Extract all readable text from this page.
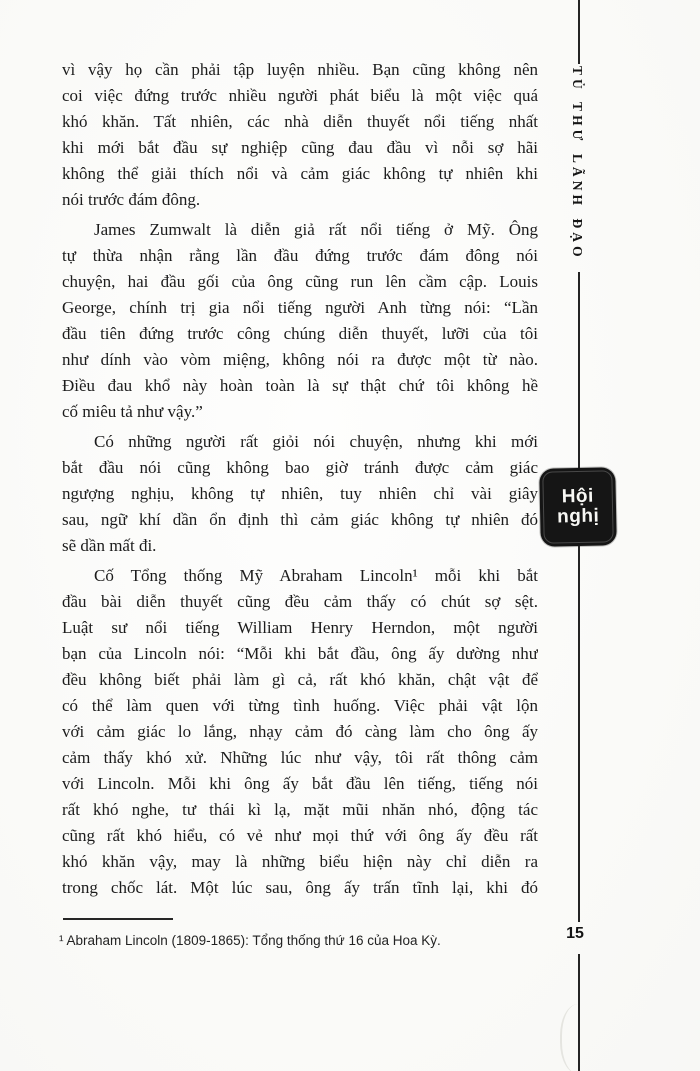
vì vậy họ cần phải tập luyện nhiều. Bạn cũng không nên
coi việc đứng trước nhiều người phát biểu là một việc quá
khó khăn. Tất nhiên, các nhà diễn thuyết nổi tiếng nhất
khi mới bắt đầu sự nghiệp cũng đau đầu vì nỗi sợ hãi
không thể giải thích nổi và cảm giác không tự nhiên khi
nói trước đám đông.
James Zumwalt là diễn giả rất nổi tiếng ở Mỹ. Ông
tự thừa nhận rằng lần đầu đứng trước đám đông nói
chuyện, hai đầu gối của ông cũng run lên cầm cập. Louis
George, chính trị gia nổi tiếng người Anh từng nói: “Lần
đầu tiên đứng trước công chúng diễn thuyết, lưỡi của tôi
như dính vào vòm miệng, không nói ra được một từ nào.
Điều đau khổ này hoàn toàn là sự thật chứ tôi không hề
cố miêu tả như vậy.”
Có những người rất giỏi nói chuyện, nhưng khi mới
bắt đầu nói cũng không bao giờ tránh được cảm giác
ngượng nghịu, không tự nhiên, tuy nhiên chỉ vài giây
sau, ngữ khí dần ổn định thì cảm giác không tự nhiên đó
sẽ dần mất đi.
Cố Tổng thống Mỹ Abraham Lincoln¹ mỗi khi bắt
đầu bài diễn thuyết cũng đều cảm thấy có chút sợ sệt.
Luật sư nổi tiếng William Henry Herndon, một người
bạn của Lincoln nói: “Mỗi khi bắt đầu, ông ấy dường như
đều không biết phải làm gì cả, rất khó khăn, chật vật để
có thể làm quen với từng tình huống. Việc phải vật lộn
với cảm giác lo lắng, nhạy cảm đó càng làm cho ông ấy
cảm thấy khó xử. Những lúc như vậy, tôi rất thông cảm
với Lincoln. Mỗi khi ông ấy bắt đầu lên tiếng, tiếng nói
rất khó nghe, tư thái kì lạ, mặt mũi nhăn nhó, động tác
cũng rất khó hiểu, có vẻ như mọi thứ với ông ấy đều rất
khó khăn vậy, may là những biểu hiện này chỉ diễn ra
trong chốc lát. Một lúc sau, ông ấy trấn tĩnh lại, khi đó
¹ Abraham Lincoln (1809-1865): Tổng thống thứ 16 của Hoa Kỳ.
TỦ THƯ LÃNH ĐẠO
Hội
nghị
15
